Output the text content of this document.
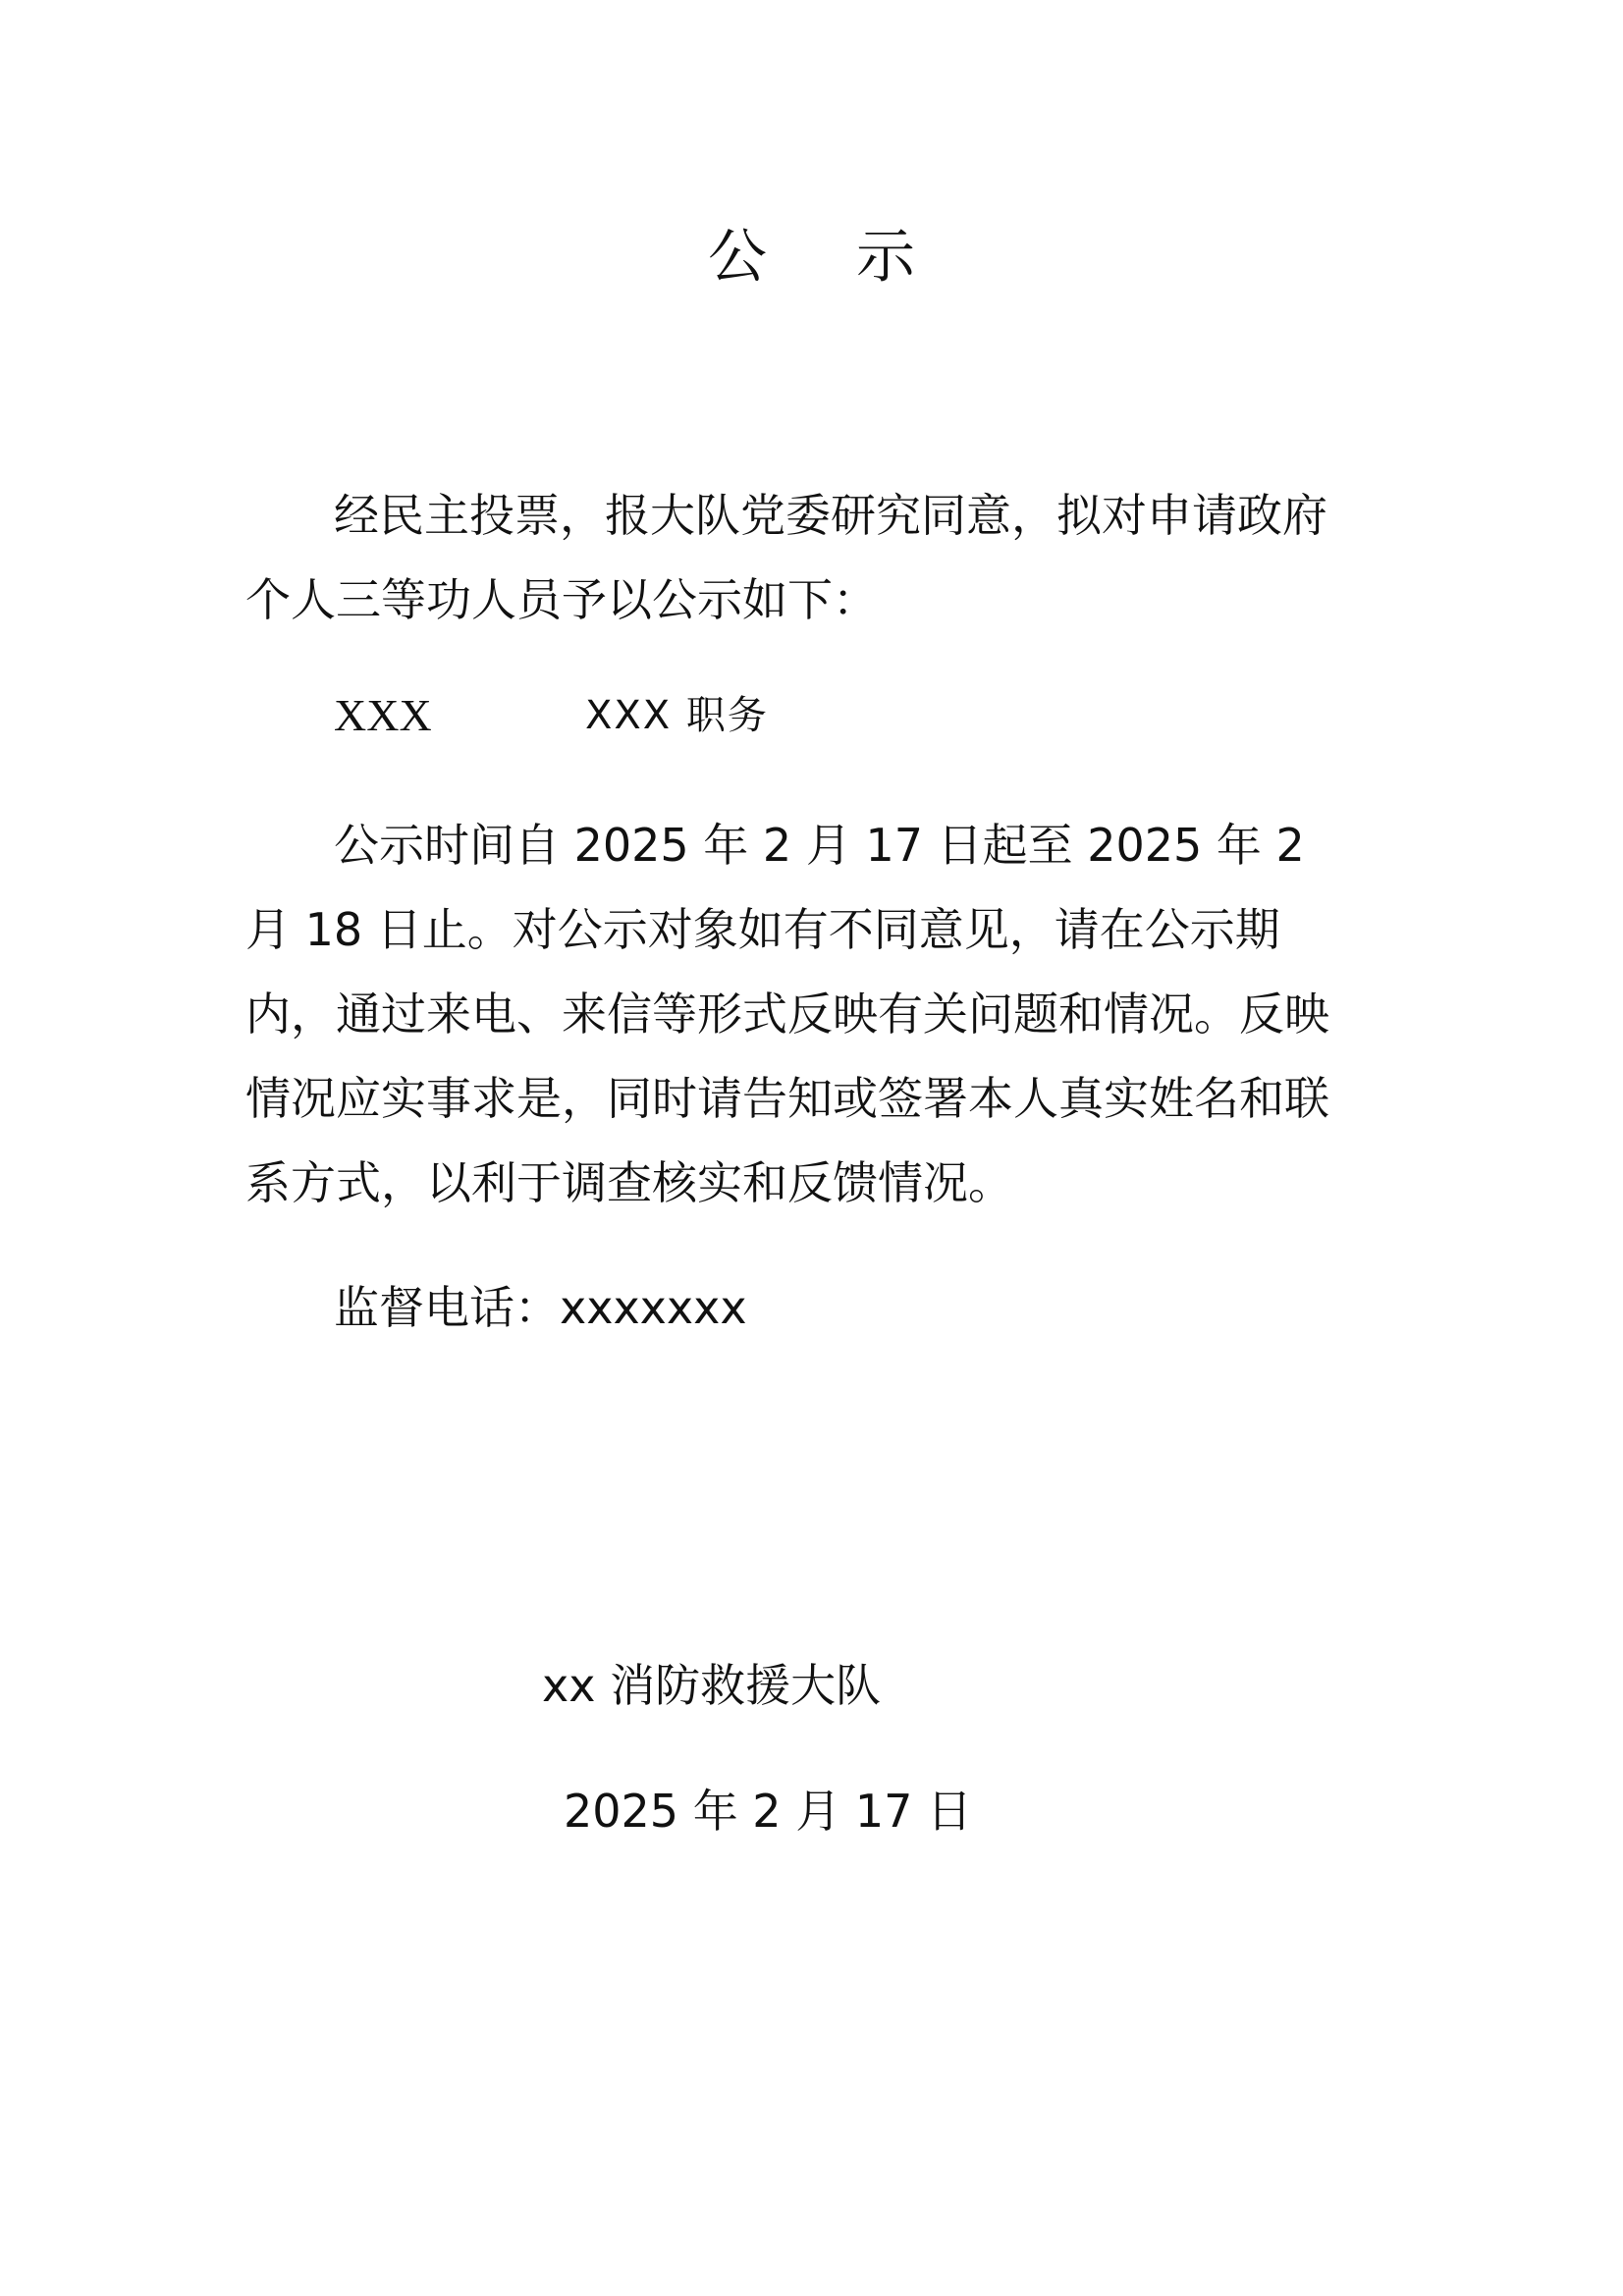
公 示

经民主投票，报大队党委研究同意，拟对申请政府个人三等功人员予以公示如下：

XXX	XXX 职务

公示时间自 2025 年 2 月 17 日起至 2025 年 2 月 18 日止。对公示对象如有不同意见，请在公示期内，通过来电、来信等形式反映有关问题和情况。反映情况应实事求是，同时请告知或签署本人真实姓名和联系方式，以利于调查核实和反馈情况。

监督电话：xxxxxxx
xx 消防救援大队
2025 年 2 月 17 日
